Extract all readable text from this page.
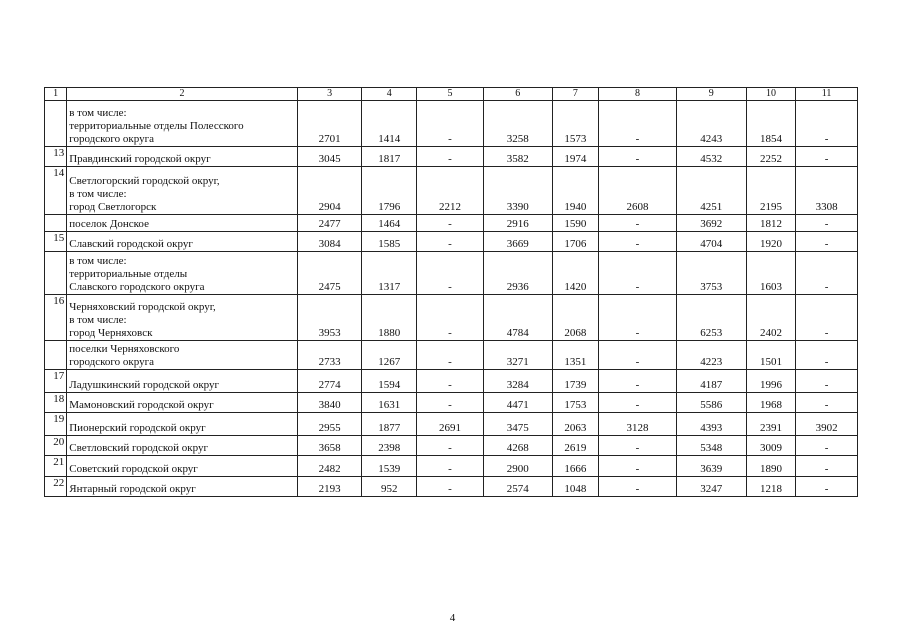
1	2	3	4	5	6	7	8	9	10	11
	в том числе:
территориальные отделы Полесского
городского округа	2701	1414	-	3258	1573	-	4243	1854	-
13	Правдинский городской округ	3045	1817	-	3582	1974	-	4532	2252	-
14	Светлогорский городской округ,
в том числе:
город Светлогорск	2904	1796	2212	3390	1940	2608	4251	2195	3308
	поселок Донское	2477	1464	-	2916	1590	-	3692	1812	-
15	Славский городской округ	3084	1585	-	3669	1706	-	4704	1920	-
	в том числе:
территориальные отделы
Славского городского округа	2475	1317	-	2936	1420	-	3753	1603	-
16	Черняховский городской округ,
в том числе:
город Черняховск	3953	1880	-	4784	2068	-	6253	2402	-
	поселки Черняховского
городского округа	2733	1267	-	3271	1351	-	4223	1501	-
17	Ладушкинский городской округ	2774	1594	-	3284	1739	-	4187	1996	-
18	Мамоновский городской округ	3840	1631	-	4471	1753	-	5586	1968	-
19	Пионерский городской округ	2955	1877	2691	3475	2063	3128	4393	2391	3902
20	Светловский городской округ	3658	2398	-	4268	2619	-	5348	3009	-
21	Советский городской округ	2482	1539	-	2900	1666	-	3639	1890	-
22	Янтарный городской округ	2193	952	-	2574	1048	-	3247	1218	-
4
